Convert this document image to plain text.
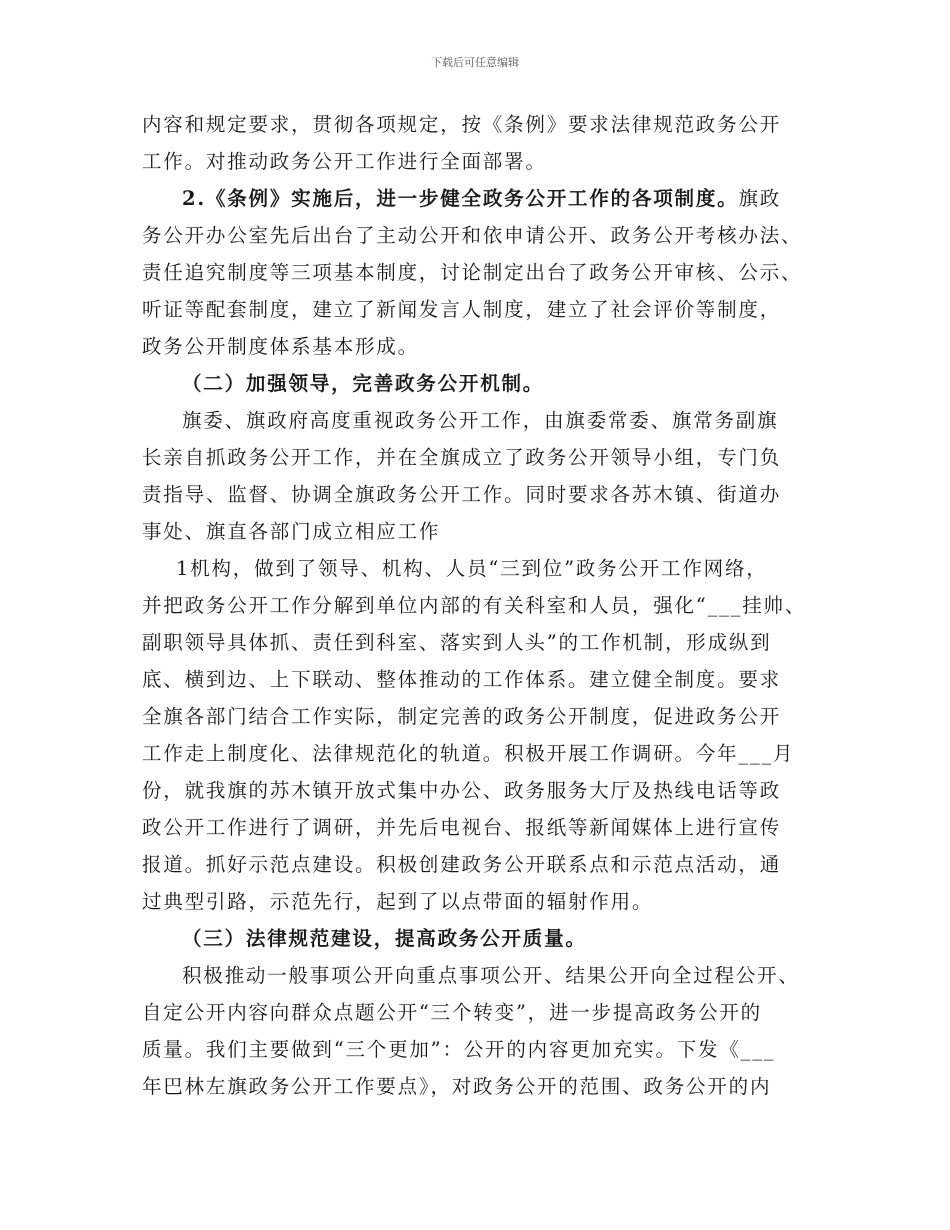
下载后可任意编辑
内容和规定要求，贯彻各项规定，按《条例》要求法律规范政务公开
工作。对推动政务公开工作进行全面部署。
2.《条例》实施后，进一步健全政务公开工作的各项制度。旗政
务公开办公室先后出台了主动公开和依申请公开、政务公开考核办法、
责任追究制度等三项基本制度，讨论制定出台了政务公开审核、公示、
听证等配套制度，建立了新闻发言人制度，建立了社会评价等制度，
政务公开制度体系基本形成。
（二）加强领导，完善政务公开机制。
旗委、旗政府高度重视政务公开工作，由旗委常委、旗常务副旗
长亲自抓政务公开工作，并在全旗成立了政务公开领导小组，专门负
责指导、监督、协调全旗政务公开工作。同时要求各苏木镇、街道办
事处、旗直各部门成立相应工作
1机构，做到了领导、机构、人员“三到位”政务公开工作网络，
并把政务公开工作分解到单位内部的有关科室和人员，强化“___挂帅、
副职领导具体抓、责任到科室、落实到人头”的工作机制，形成纵到
底、横到边、上下联动、整体推动的工作体系。建立健全制度。要求
全旗各部门结合工作实际，制定完善的政务公开制度，促进政务公开
工作走上制度化、法律规范化的轨道。积极开展工作调研。今年___月
份，就我旗的苏木镇开放式集中办公、政务服务大厅及热线电话等政
政公开工作进行了调研，并先后电视台、报纸等新闻媒体上进行宣传
报道。抓好示范点建设。积极创建政务公开联系点和示范点活动，通
过典型引路，示范先行，起到了以点带面的辐射作用。
（三）法律规范建设，提高政务公开质量。
积极推动一般事项公开向重点事项公开、结果公开向全过程公开、
自定公开内容向群众点题公开“三个转变”，进一步提高政务公开的
质量。我们主要做到“三个更加”：公开的内容更加充实。下发《___
年巴林左旗政务公开工作要点》，对政务公开的范围、政务公开的内
